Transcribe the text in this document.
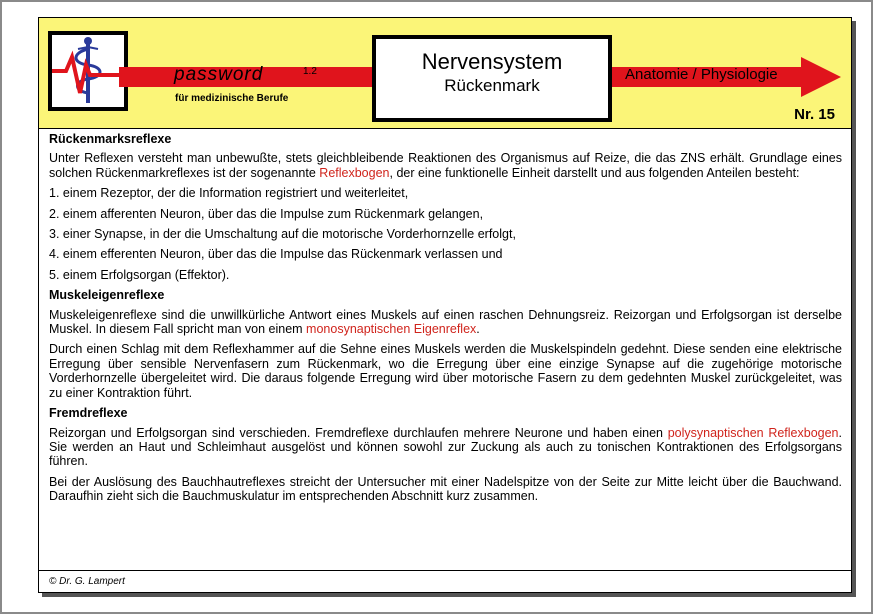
password	1.2
für medizinische Berufe
Nervensystem
Rückenmark
Anatomie / Physiologie
Nr. 15
Rückenmarksreflexe

Unter Reflexen versteht man unbewußte, stets gleichbleibende Reaktionen des Organismus auf Reize, die das ZNS erhält. Grundlage eines solchen Rückenmarkreflexes ist der sogenannte Reflexbogen, der eine funktionelle Einheit darstellt und aus folgenden Anteilen besteht:

1. einem Rezeptor, der die Information registriert und weiterleitet,
2. einem afferenten Neuron, über das die Impulse zum Rückenmark gelangen,
3. einer Synapse, in der die Umschaltung auf die motorische Vorderhornzelle erfolgt,
4. einem efferenten Neuron, über das die Impulse das Rückenmark verlassen und
5. einem Erfolgsorgan (Effektor).
Muskeleigenreflexe

Muskeleigenreflexe sind die unwillkürliche Antwort eines Muskels auf einen raschen Dehnungsreiz. Reizorgan und Erfolgsorgan ist derselbe Muskel. In diesem Fall spricht man von einem monosynaptischen Eigenreflex.

Durch einen Schlag mit dem Reflexhammer auf die Sehne eines Muskels werden die Muskelspindeln gedehnt. Diese senden eine elektrische Erregung über sensible Nervenfasern zum Rückenmark, wo die Erregung über eine einzige Synapse auf die zugehörige motorische Vorderhornzelle übergeleitet wird. Die daraus folgende Erregung wird über motorische Fasern zu dem gedehnten Muskel zurückgeleitet, was zu einer Kontraktion führt.

Fremdreflexe

Reizorgan und Erfolgsorgan sind verschieden. Fremdreflexe durchlaufen mehrere Neurone und haben einen polysynaptischen Reflexbogen. Sie werden an Haut und Schleimhaut ausgelöst und können sowohl zur Zuckung als auch zu tonischen Kontraktionen des Erfolgsorgans führen.

Bei der Auslösung des Bauchhautreflexes streicht der Untersucher mit einer Nadelspitze von der Seite zur Mitte leicht über die Bauchwand. Daraufhin zieht sich die Bauchmuskulatur im entsprechenden Abschnitt kurz zusammen.

© Dr. G. Lampert
